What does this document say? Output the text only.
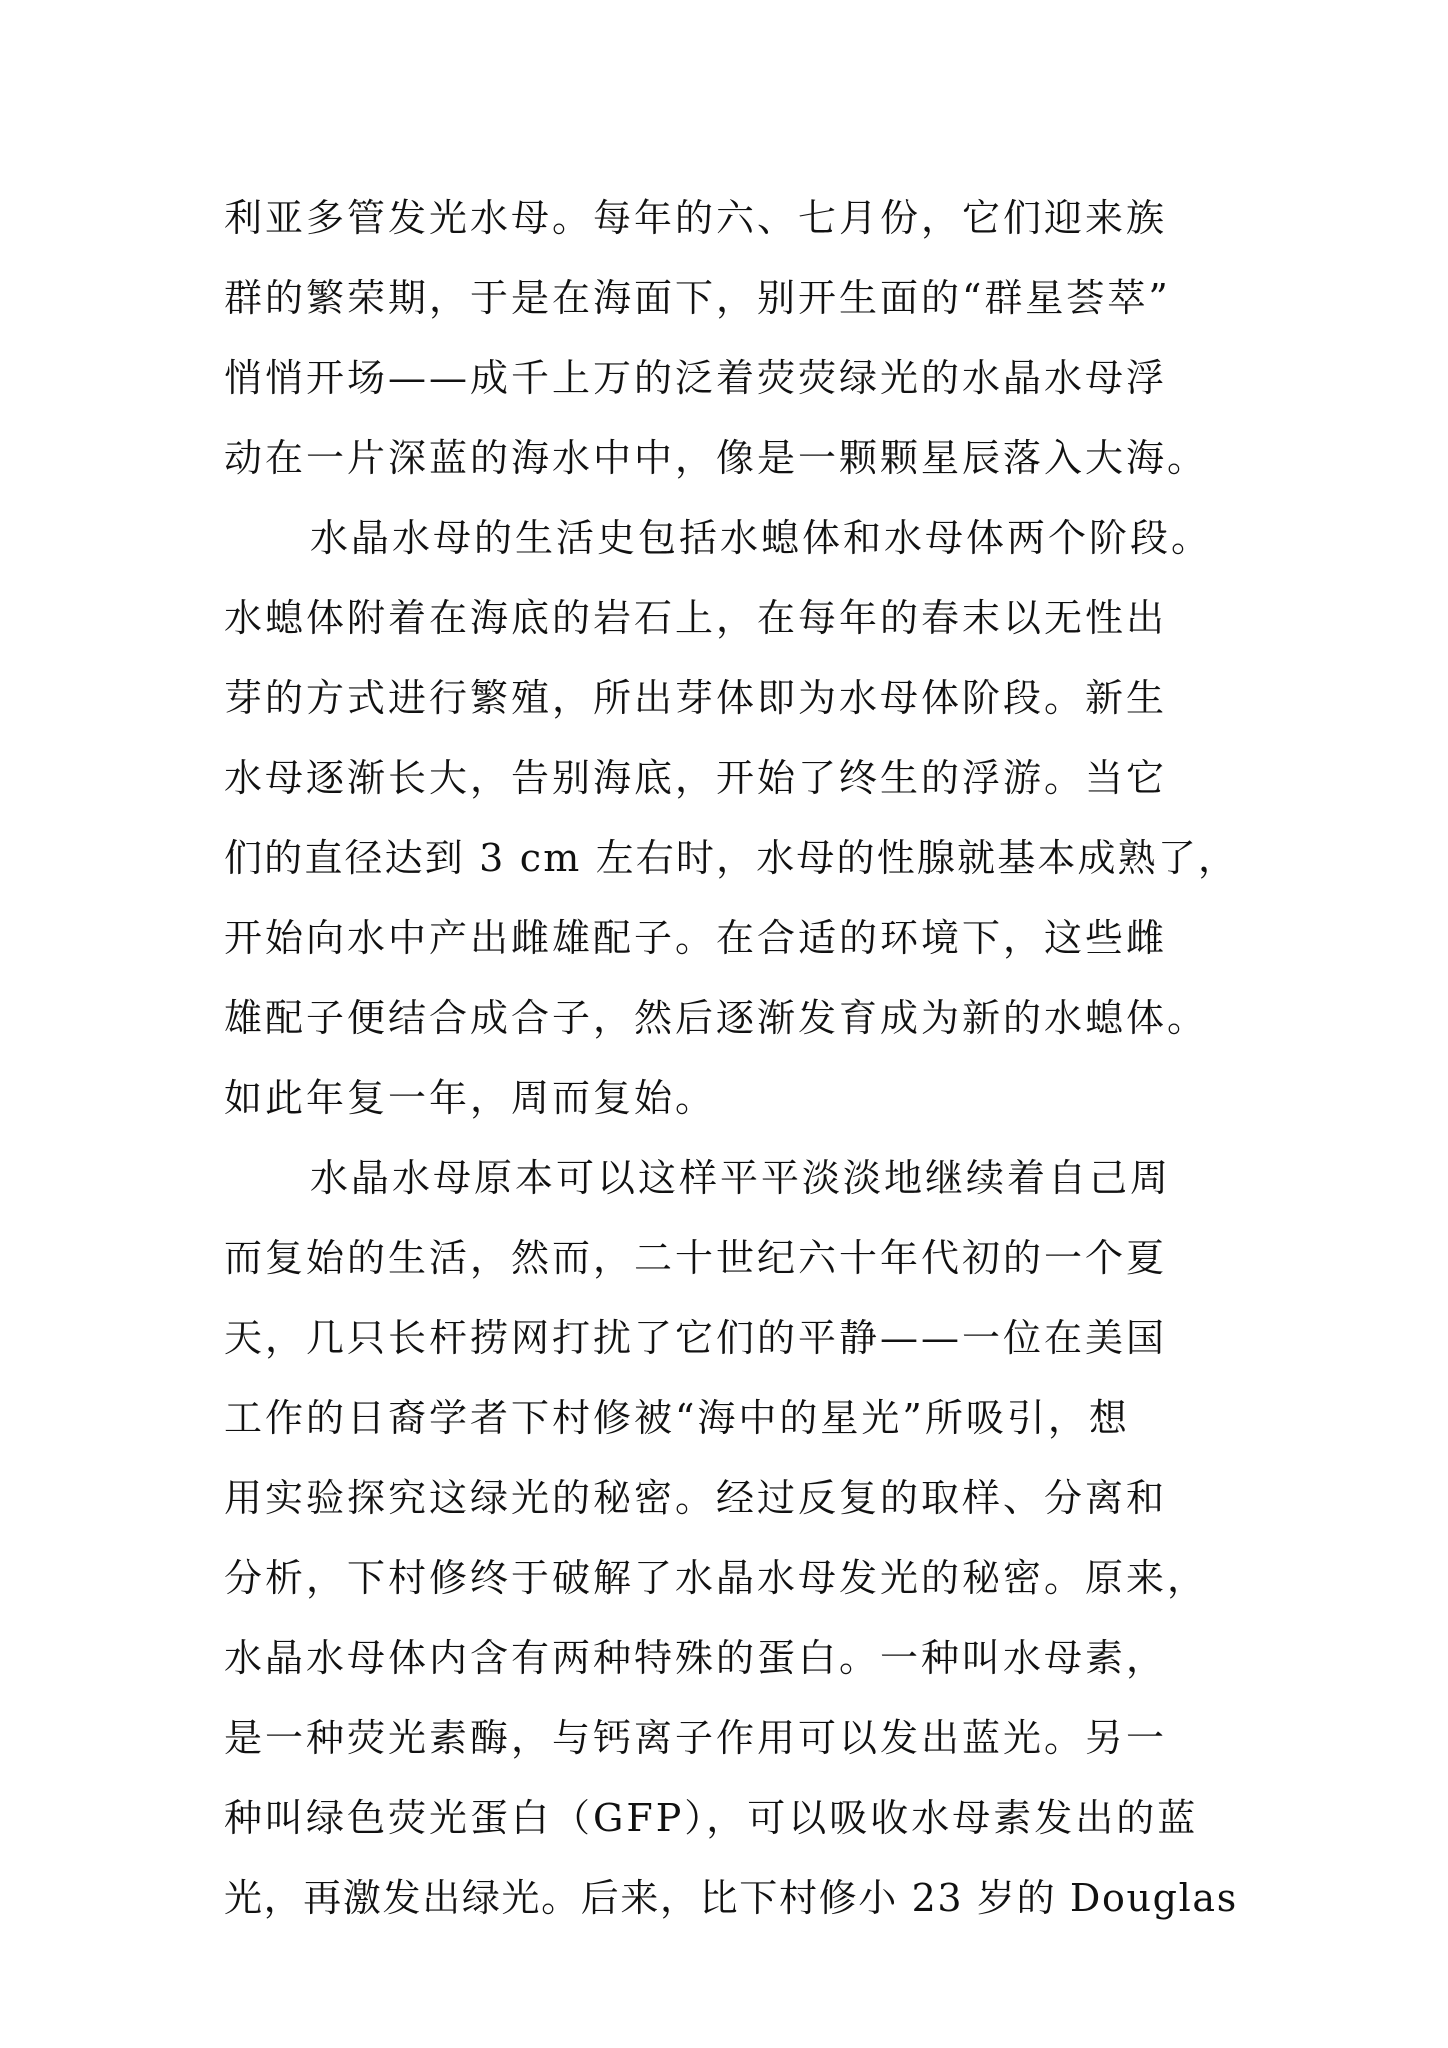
利亚多管发光水母。每年的六、七月份，它们迎来族
群的繁荣期，于是在海面下，别开生面的“群星荟萃”
悄悄开场——成千上万的泛着荧荧绿光的水晶水母浮
动在一片深蓝的海水中中，像是一颗颗星辰落入大海。
水晶水母的生活史包括水螅体和水母体两个阶段。
水螅体附着在海底的岩石上，在每年的春末以无性出
芽的方式进行繁殖，所出芽体即为水母体阶段。新生
水母逐渐长大，告别海底，开始了终生的浮游。当它
们的直径达到 3 cm 左右时，水母的性腺就基本成熟了，
开始向水中产出雌雄配子。在合适的环境下，这些雌
雄配子便结合成合子，然后逐渐发育成为新的水螅体。
如此年复一年，周而复始。
水晶水母原本可以这样平平淡淡地继续着自己周
而复始的生活，然而，二十世纪六十年代初的一个夏
天，几只长杆捞网打扰了它们的平静——一位在美国
工作的日裔学者下村修被“海中的星光”所吸引，想
用实验探究这绿光的秘密。经过反复的取样、分离和
分析，下村修终于破解了水晶水母发光的秘密。原来，
水晶水母体内含有两种特殊的蛋白。一种叫水母素，
是一种荧光素酶，与钙离子作用可以发出蓝光。另一
种叫绿色荧光蛋白（GFP），可以吸收水母素发出的蓝
光，再激发出绿光。后来，比下村修小 23 岁的 Douglas
